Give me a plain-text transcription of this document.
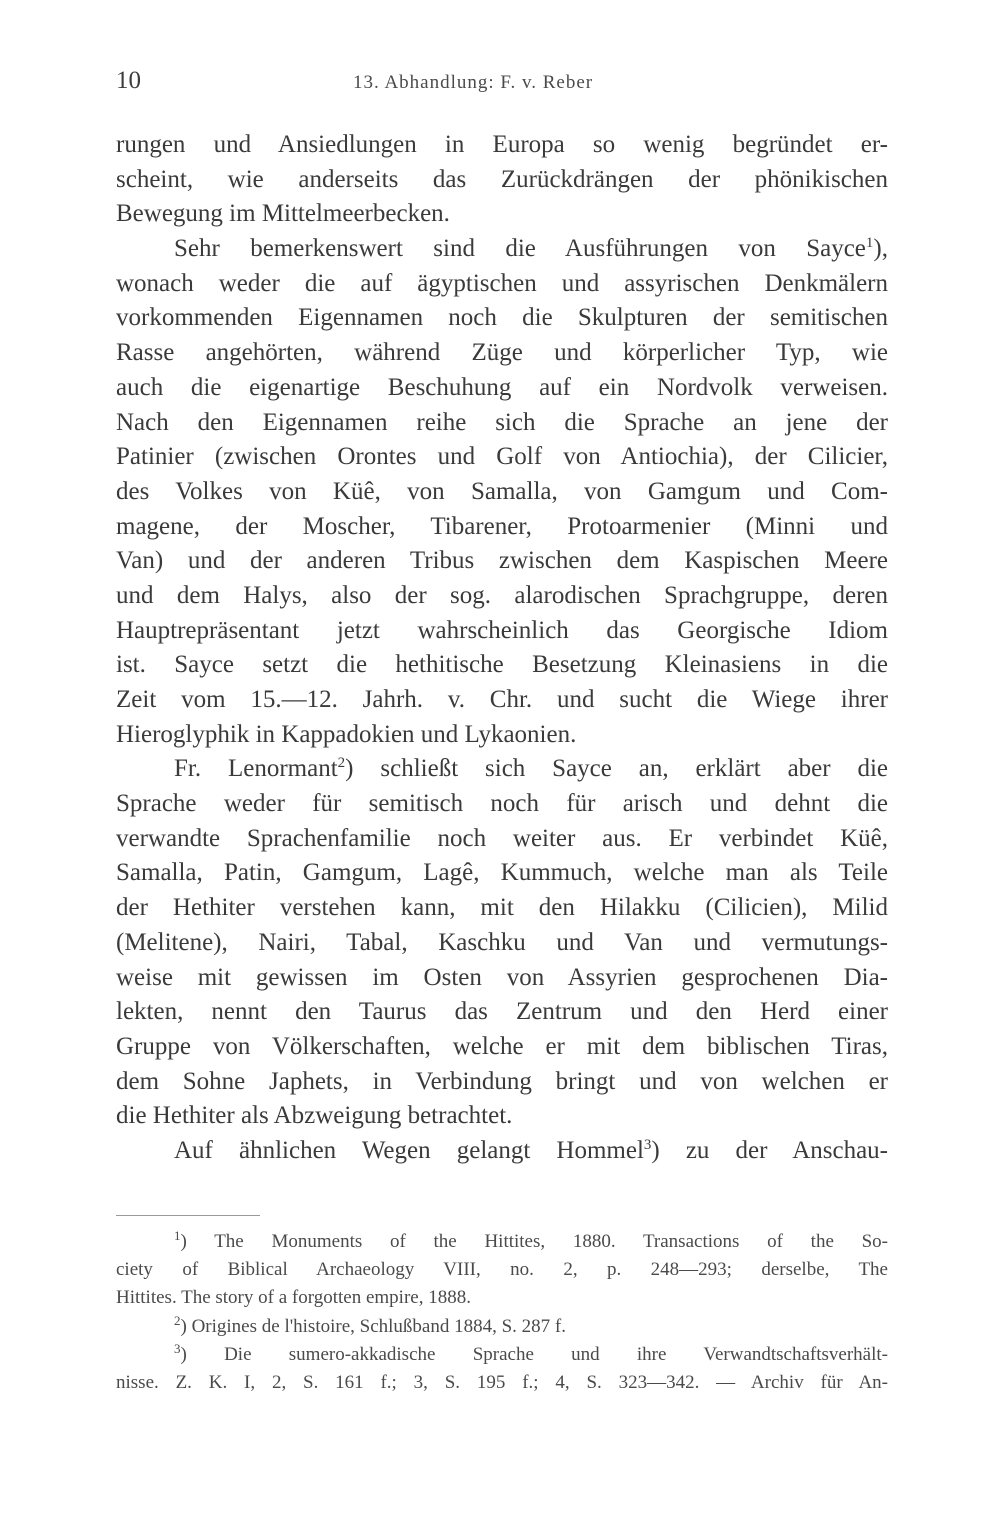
10	13. Abhandlung: F. v. Reber
rungen und Ansiedlungen in Europa so wenig begründet er-
scheint, wie anderseits das Zurückdrängen der phönikischen
Bewegung im Mittelmeerbecken.
Sehr bemerkenswert sind die Ausführungen von Sayce$^1$),
wonach weder die auf ägyptischen und assyrischen Denkmälern
vorkommenden Eigennamen noch die Skulpturen der semitischen
Rasse angehörten, während Züge und körperlicher Typ, wie
auch die eigenartige Beschuhung auf ein Nordvolk verweisen.
Nach den Eigennamen reihe sich die Sprache an jene der
Patinier (zwischen Orontes und Golf von Antiochia), der Cilicier,
des Volkes von Küê, von Samalla, von Gamgum und Com-
magene, der Moscher, Tibarener, Protoarmenier (Minni und
Van) und der anderen Tribus zwischen dem Kaspischen Meere
und dem Halys, also der sog. alarodischen Sprachgruppe, deren
Hauptrepräsentant jetzt wahrscheinlich das Georgische Idiom
ist. Sayce setzt die hethitische Besetzung Kleinasiens in die
Zeit vom 15.—12. Jahrh. v. Chr. und sucht die Wiege ihrer
Hieroglyphik in Kappadokien und Lykaonien.
Fr. Lenormant$^2$) schließt sich Sayce an, erklärt aber die
Sprache weder für semitisch noch für arisch und dehnt die
verwandte Sprachenfamilie noch weiter aus. Er verbindet Küê,
Samalla, Patin, Gamgum, Lagê, Kummuch, welche man als Teile
der Hethiter verstehen kann, mit den Hilakku (Cilicien), Milid
(Melitene), Nairi, Tabal, Kaschku und Van und vermutungs-
weise mit gewissen im Osten von Assyrien gesprochenen Dia-
lekten, nennt den Taurus das Zentrum und den Herd einer
Gruppe von Völkerschaften, welche er mit dem biblischen Tiras,
dem Sohne Japhets, in Verbindung bringt und von welchen er
die Hethiter als Abzweigung betrachtet.
Auf ähnlichen Wegen gelangt Hommel$^3$) zu der Anschau-
$^1$) The Monuments of the Hittites, 1880. Transactions of the So-
ciety of Biblical Archaeology VIII, no. 2, p. 248—293; derselbe, The
Hittites. The story of a forgotten empire, 1888.
$^2$) Origines de l'histoire, Schlußband 1884, S. 287 f.
$^3$) Die sumero-akkadische Sprache und ihre Verwandtschaftsverhält-
nisse. Z. K. I, 2, S. 161 f.; 3, S. 195 f.; 4, S. 323—342. — Archiv für An-
